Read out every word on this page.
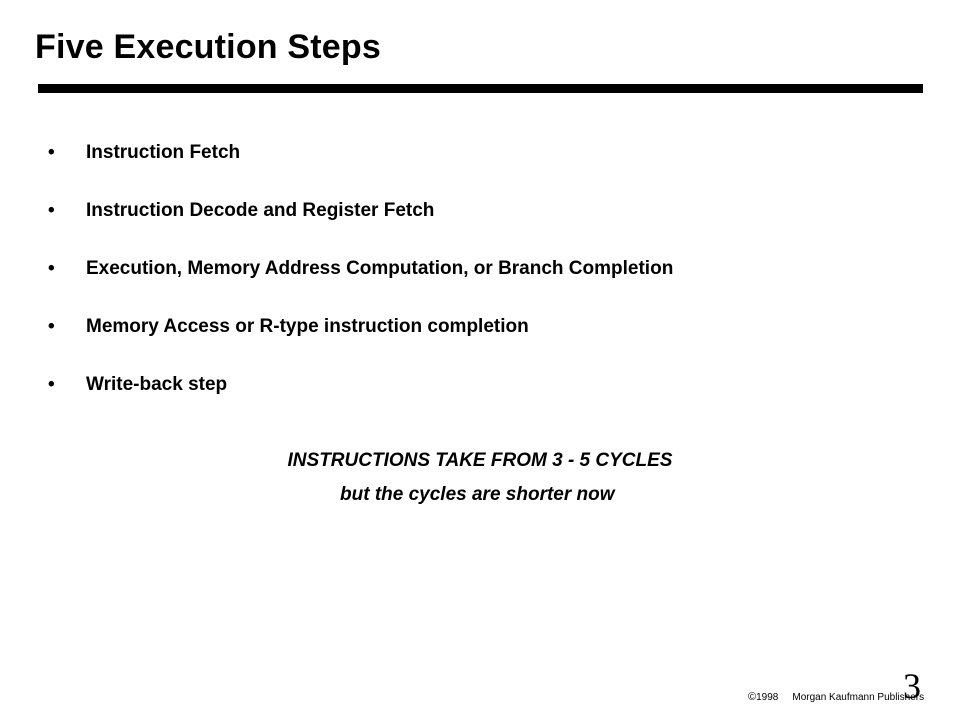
Five Execution Steps
•	Instruction Fetch
•	Instruction Decode and Register Fetch
•	Execution, Memory Address Computation, or Branch Completion
•	Memory Access or R-type instruction completion
•	Write-back step
INSTRUCTIONS TAKE FROM 3 - 5 CYCLES
but the cycles are shorter now
© 1998 Morgan Kaufmann Publishers
3
